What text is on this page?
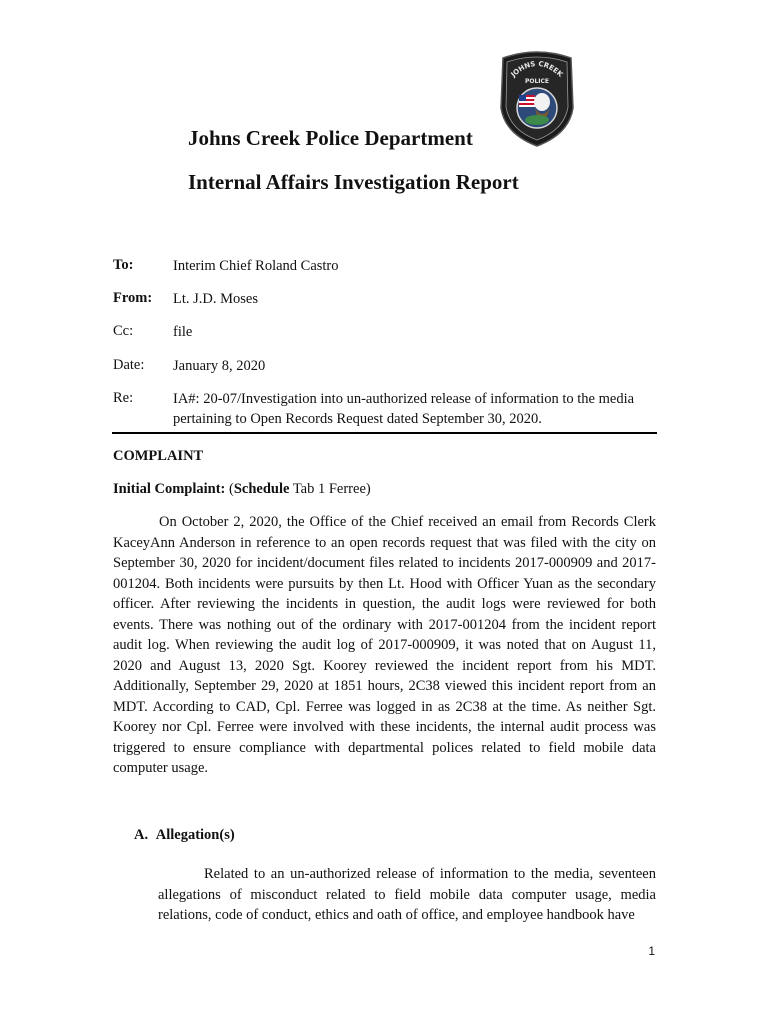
JOHNS CREEK
POLICE
Johns Creek Police Department
Internal Affairs Investigation Report
To:	Interim Chief Roland Castro
From: Lt. J.D. Moses
Cc:	file
Date: January 8, 2020
Re:	IA#: 20-07/Investigation into un-authorized release of information to the media pertaining to Open Records Request dated September 30, 2020.
COMPLAINT
Initial Complaint: (Schedule Tab 1 Ferree)
On October 2, 2020, the Office of the Chief received an email from Records Clerk KaceyAnn Anderson in reference to an open records request that was filed with the city on September 30, 2020 for incident/document files related to incidents 2017-000909 and 2017-001204. Both incidents were pursuits by then Lt. Hood with Officer Yuan as the secondary officer. After reviewing the incidents in question, the audit logs were reviewed for both events. There was nothing out of the ordinary with 2017-001204 from the incident report audit log. When reviewing the audit log of 2017-000909, it was noted that on August 11, 2020 and August 13, 2020 Sgt. Koorey reviewed the incident report from his MDT. Additionally, September 29, 2020 at 1851 hours, 2C38 viewed this incident report from an MDT. According to CAD, Cpl. Ferree was logged in as 2C38 at the time. As neither Sgt. Koorey nor Cpl. Ferree were involved with these incidents, the internal audit process was triggered to ensure compliance with departmental polices related to field mobile data computer usage.
A. Allegation(s)
Related to an un-authorized release of information to the media, seventeen allegations of misconduct related to field mobile data computer usage, media relations, code of conduct, ethics and oath of office, and employee handbook have
1
